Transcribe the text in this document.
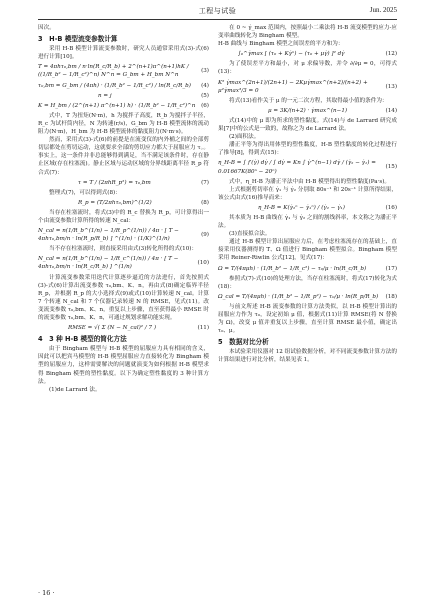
工程与试验	Jun. 2025

因次。

3　H-B 模型流变参数计算

采用 H-B 模型计算流变参数时，研究人员通常采用式(3)-式(6)进行计算[10]。

T = 4πhτ₀,bm / n·ln(R_c/R_b) + 2^(n+1)π^(n+1)hK / ((1/R_b² − 1/R_c²)^n) N^n = G_bm + H_bm N^n
(3)
τ₀,bm = G_bm / (4πh) · (1/R_b² − 1/R_c²) / ln(R_c/R_b) (4)
n = j	(5)
K = H_bm / (2^(n+1) π^(n+1) h) · (1/R_b² − 1/R_c²)^n (6)

式中，T 为扭矩(N·m)，h 为搅拌子高度，R_b 为搅拌子半径，R_c 为试杆筒内径，N 为转速(r/s)，G_bm 为 H-B 模型流体的流动阻力(N·m)，H_bm 为 H-B 模型流体的黏度阻力(N·m·s)。

然而，采用式(3)-式(6)的前提是在流变仪的内外桶之间的全部剪切层都处在剪切运动，这就要求全部的剪切应力都大于屈服应力 τ。。事实上，这一条件并非总能够得到满足，当不满足该条件时，存在静止区域(存在柱塞流)。静止区域与运动区域的分界线距离半径 R_p 符合式(7)：

τ = T / (2πhR_p²) = τ₀,bm	(7)

整理式(7)，可以得到式(8)：

R_p = (T/2πhτ₀,bm)^(1/2)	(8)

当存在柱塞流时，将式(3)中的 R_c 替换为 R_p，可计算得出一个由流变参数计算所得的转速 N_cal：

N_cal = n(1/R_b^(1/n) − 1/R_p^(1/n)) / 4π · [ T − 4πhτ₀,bm/n · ln(R_p/R_b) ] ^(1/n) · (1/K)^(1/n)
(9)

当不存在柱塞流时，则直接采用由式(3)转化所得的式(10)：

N_cal = n(1/R_b^(1/n) − 1/R_c^(1/n)) / 4π · [ T − 4πhτ₀,bm/n · ln(R_c/R_b) ] ^(1/n)
(10)

计算流变参数采用迭代计算逐步逼近的方法进行，首先按照式(3)-式(6)计算出流变参数 τ₀,bm、K、n，再由式(8)确定临界半径 R_p，并根据 R_p 的大小选择式(9)或式(10)计算转速 N_cal。计算 7 个转速 N_cal 和 7 个仪器记录转速 N 的 RMSE，见式(11)。改变流变参数 τ₀,bm、K、n，重复以上步骤，直至获得最小 RMSE 时的流变参数 τ₀,bm、K、n，可通过规划求解功能实现。

RMSE = √( Σ (N − N_cal)² / 7 )	(11)
4　3 种 H-B 模型的简化方法

由于 Bingham 模型与 H-B 模型的屈服应力具有相同的含义，因此可以把宾马模型的 H-B 模型屈服应力直接转化为 Bingham 模型的屈服应力，这样需要解决的问题就演变为如何根据 H-B 模型求得 Bingham 模型的塑性黏度。以下为确定塑性黏度的 3 种计算方法。

(1)de Larrard 法。

在 0 ~ γ̇_max 范围内，按照最小二乘法将 H-B 流变模型的应力-应变率曲线转化为 Bingham 模型。

H-B 曲线与 Bingham 模型之间误差的平方和为：

∫₀^γ̇max [ (τ₀ + Kγ̇ⁿ) − (τ₀ + μγ̇) ]² dγ̇	(12)

为了使误差平方和最小，对 μ 求偏导数，并令 ∂/∂μ = 0，可得式(13)：

K² γ̇max^(2n+1)/(2n+1) − 2Kμγ̇max^(n+2)/(n+2) + μ²γ̇max³/3 = 0
(13)

将式(13)看作关于 μ 的一元二次方程，其取得最小值的条件为：

μ = 3K/(n+2) · γ̇max^(n−1)	(14)

式(14)中的 μ 即为所求的塑性黏度。式(14)与 de Larrard 研究成果[7]中的公式是一致的，故称之为 de Larrard 法。

(2)面积法。

潘正平等为得出用体型的塑性黏度，H-B 塑性黏度的转化过程进行了推导[8]，得到式(15)：

η_H-B = ∫ f′(γ̇) dγ̇ / ∫ dγ̇ = Kn ∫ γ̇^(n−1) dγ̇ / (γ̇₂ − γ̇₁) = 0.01667K(80ⁿ − 20ⁿ)
(15)

式中，η_H-B 为潘正平法中由 H-B 模型得出的塑性黏度(Pa·s)。

上式根据剪切率在 γ̇₁ 与 γ̇₂ 分别取 80s⁻¹ 和 20s⁻¹ 计算所得结果，该公式由式(16)推导而来：

η_H-B = K(γ̇₂ⁿ − γ̇₁ⁿ) / (γ̇₂ − γ̇₁)	(16)

其本质为 H-B 曲线在 γ̇₁ 与 γ̇₂ 之间的割线斜率，本文称之为潘正平法。

(3)直接拟合法。

通过 H-B 模型计算出屈服应力后，在考虑柱塞流存在的基础上，直接采用仪器测得的 T、Ω 值进行 Bingham 模型拟合。Bingham 模型采用 Reiner-Riwlin 公式[12]，见式(17)：

Ω = T/(4πμh) · (1/R_b² − 1/R_c²) − τ₀/μ · ln(R_c/R_b)	(17)

参照式(7)-式(10)的处理方法，当存在柱塞流时，将式(17)转化为式(18)：

Ω_cal = T/(4πμh) · (1/R_b² − 1/R_p²) − τ₀/μ · ln(R_p/R_b) (18)

与前文所述 H-B 流变参数的计算方法类似，以 H-B 模型计算出的屈服应力作为 τ₀，设定初始 μ 值，根据式(11)计算 RMSE(将 N 替换为 Ω)，改变 μ 值并重复以上步骤，直至计算 RMSE 最小值，确定出 τ₀、μ。

5　数据对比分析

本试验采用仪器对 12 组试验数据分析，对不同流变参数计算方法的计算结果进行对比分析，结果见表 1。

· 16 ·
